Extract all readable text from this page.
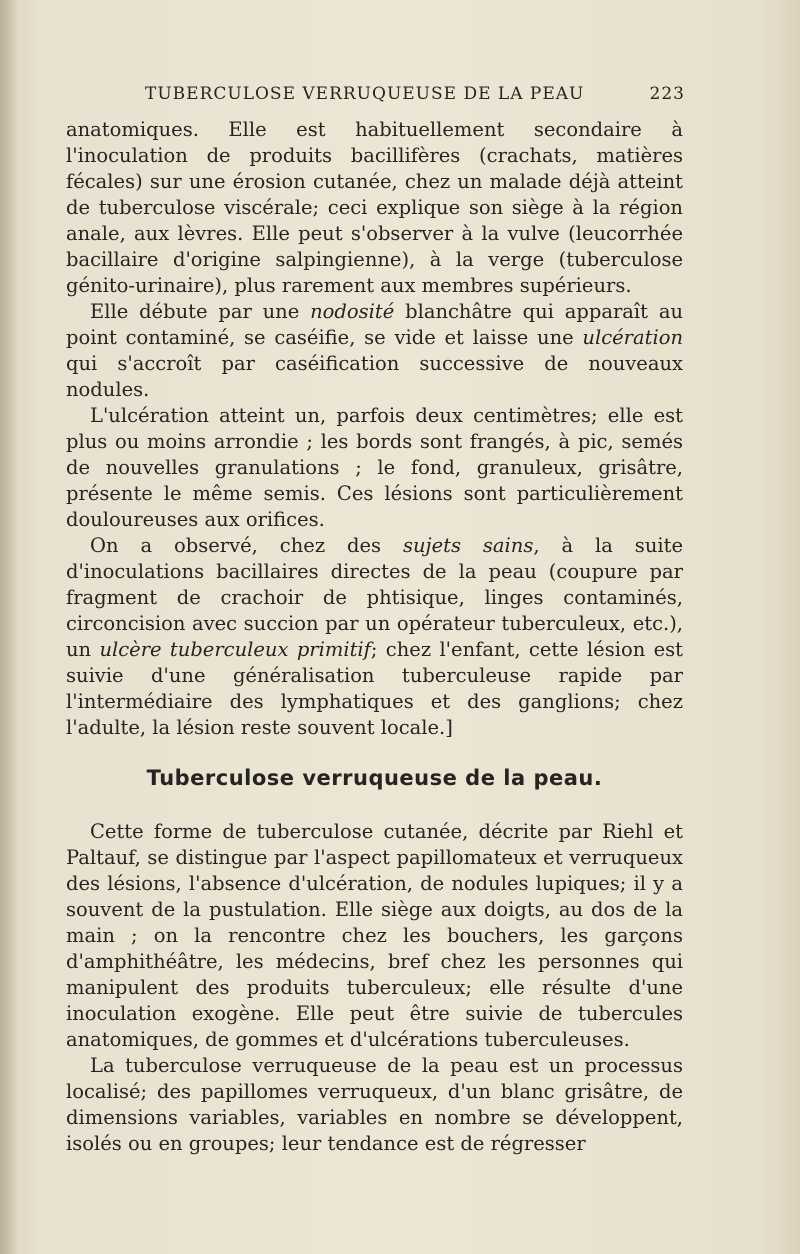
TUBERCULOSE VERRUQUEUSE DE LA PEAU	223

anatomiques. Elle est habituellement secondaire à l'inoculation de produits bacillifères (crachats, matières fécales) sur une érosion cutanée, chez un malade déjà atteint de tuberculose viscérale; ceci explique son siège à la région anale, aux lèvres. Elle peut s'observer à la vulve (leucorrhée bacillaire d'origine salpingienne), à la verge (tuberculose génito-urinaire), plus rarement aux membres supérieurs.

Elle débute par une nodosité blanchâtre qui apparaît au point contaminé, se caséifie, se vide et laisse une ulcération qui s'accroît par caséification successive de nouveaux nodules.

L'ulcération atteint un, parfois deux centimètres; elle est plus ou moins arrondie ; les bords sont frangés, à pic, semés de nouvelles granulations ; le fond, granuleux, grisâtre, présente le même semis. Ces lésions sont particulièrement douloureuses aux orifices.

On a observé, chez des sujets sains, à la suite d'inoculations bacillaires directes de la peau (coupure par fragment de crachoir de phtisique, linges contaminés, circoncision avec succion par un opérateur tuberculeux, etc.), un ulcère tuberculeux primitif; chez l'enfant, cette lésion est suivie d'une généralisation tuberculeuse rapide par l'intermédiaire des lymphatiques et des ganglions; chez l'adulte, la lésion reste souvent locale.]

Tuberculose verruqueuse de la peau.

Cette forme de tuberculose cutanée, décrite par Riehl et Paltauf, se distingue par l'aspect papillomateux et verruqueux des lésions, l'absence d'ulcération, de nodules lupiques; il y a souvent de la pustulation. Elle siège aux doigts, au dos de la main ; on la rencontre chez les bouchers, les garçons d'amphithéâtre, les médecins, bref chez les personnes qui manipulent des produits tuberculeux; elle résulte d'une inoculation exogène. Elle peut être suivie de tubercules anatomiques, de gommes et d'ulcérations tuberculeuses.

La tuberculose verruqueuse de la peau est un processus localisé; des papillomes verruqueux, d'un blanc grisâtre, de dimensions variables, variables en nombre se développent, isolés ou en groupes; leur tendance est de régresser
